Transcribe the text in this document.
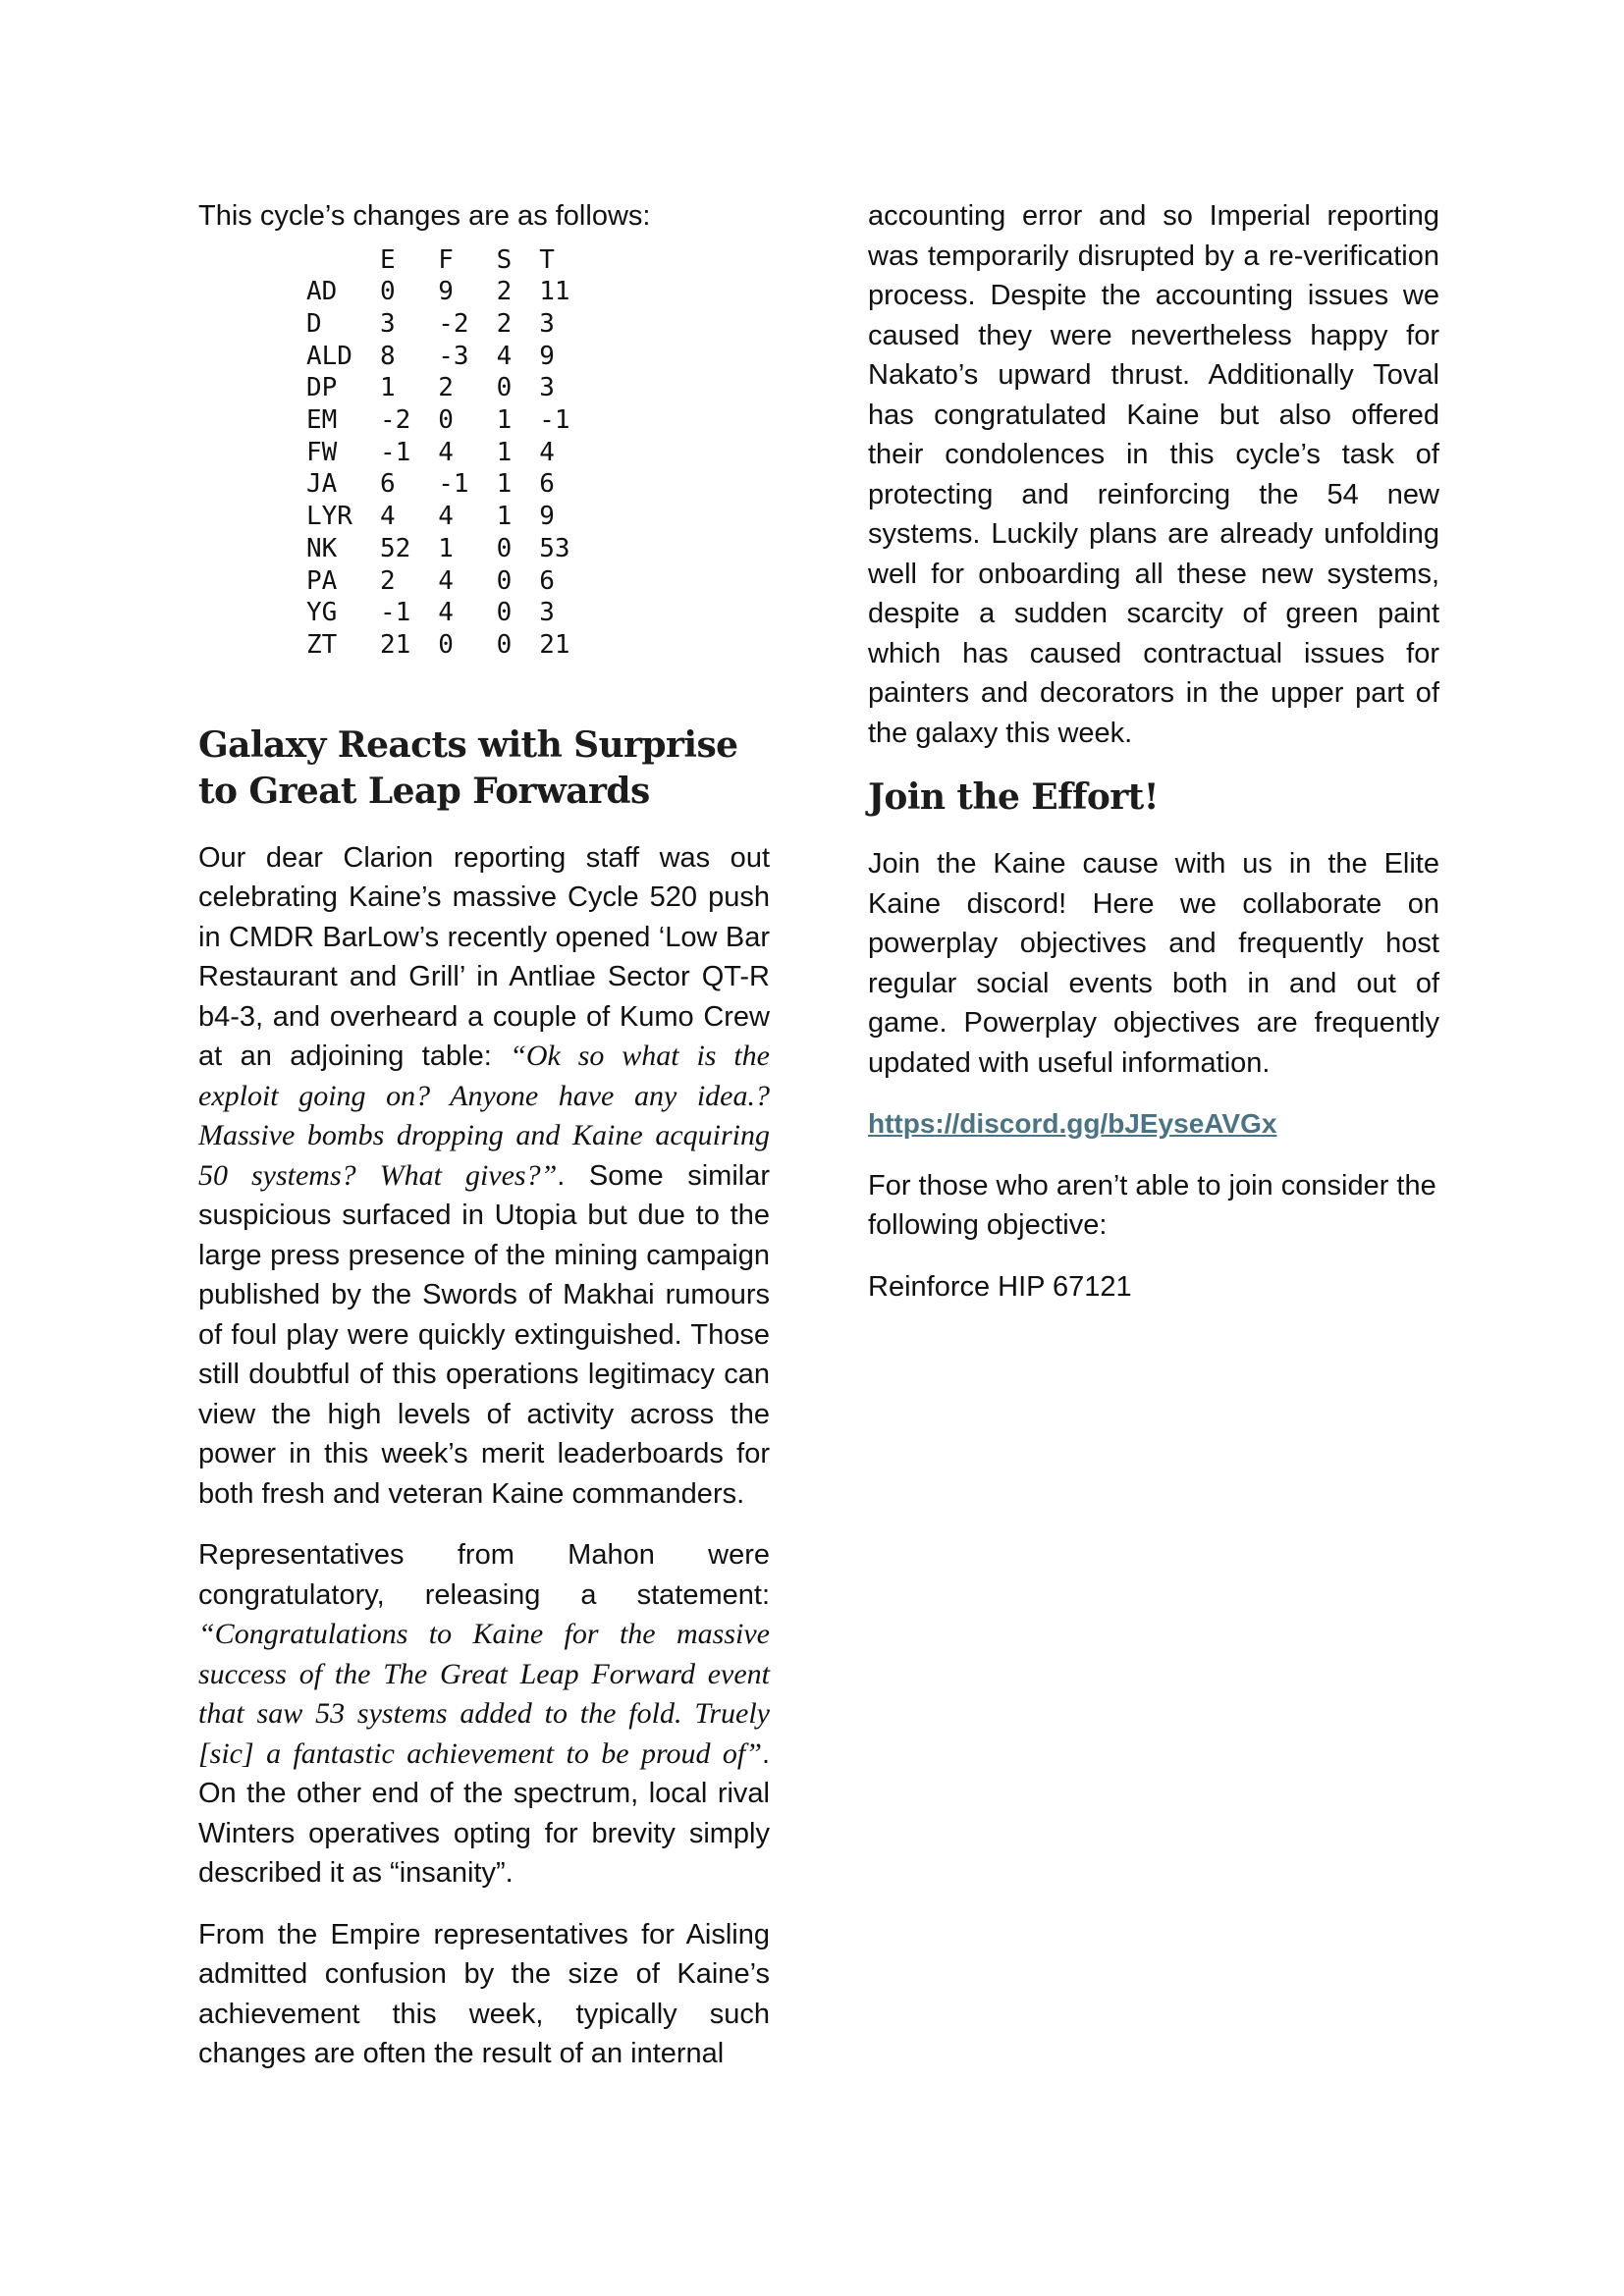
This cycle’s changes are as follows:

	E	F	S	T
AD	0	9	2	11
D	3	-2	2	3
ALD	8	-3	4	9
DP	1	2	0	3
EM	-2	0	1	-1
FW	-1	4	1	4
JA	6	-1	1	6
LYR	4	4	1	9
NK	52	1	0	53
PA	2	4	0	6
YG	-1	4	0	3
ZT	21	0	0	21
Galaxy Reacts with Surprise to Great Leap Forwards

Our dear Clarion reporting staff was out celebrating Kaine’s massive Cycle 520 push in CMDR BarLow’s recently opened ‘Low Bar Restaurant and Grill’ in Antliae Sector QT-R b4-3, and overheard a couple of Kumo Crew at an adjoining table: “Ok so what is the exploit going on? Anyone have any idea.? Massive bombs dropping and Kaine acquiring 50 systems? What gives?”. Some similar suspicious surfaced in Utopia but due to the large press presence of the mining campaign published by the Swords of Makhai rumours of foul play were quickly extinguished. Those still doubtful of this operations legitimacy can view the high levels of activity across the power in this week’s merit leaderboards for both fresh and veteran Kaine commanders.

Representatives from Mahon were congratulatory, releasing a statement: “Congratulations to Kaine for the massive success of the The Great Leap Forward event that saw 53 systems added to the fold. Truely [sic] a fantastic achievement to be proud of”. On the other end of the spectrum, local rival Winters operatives opting for brevity simply described it as “insanity”.

From the Empire representatives for Aisling admitted confusion by the size of Kaine’s achievement this week, typically such changes are often the result of an internal

accounting error and so Imperial reporting was temporarily disrupted by a re-verification process. Despite the accounting issues we caused they were nevertheless happy for Nakato’s upward thrust. Additionally Toval has congratulated Kaine but also offered their condolences in this cycle’s task of protecting and reinforcing the 54 new systems. Luckily plans are already unfolding well for onboarding all these new systems, despite a sudden scarcity of green paint which has caused contractual issues for painters and decorators in the upper part of the galaxy this week.

Join the Effort!

Join the Kaine cause with us in the Elite Kaine discord! Here we collaborate on powerplay objectives and frequently host regular social events both in and out of game. Powerplay objectives are frequently updated with useful information.

https://discord.gg/bJEyseAVGx

For those who aren’t able to join consider the following objective:

Reinforce HIP 67121
